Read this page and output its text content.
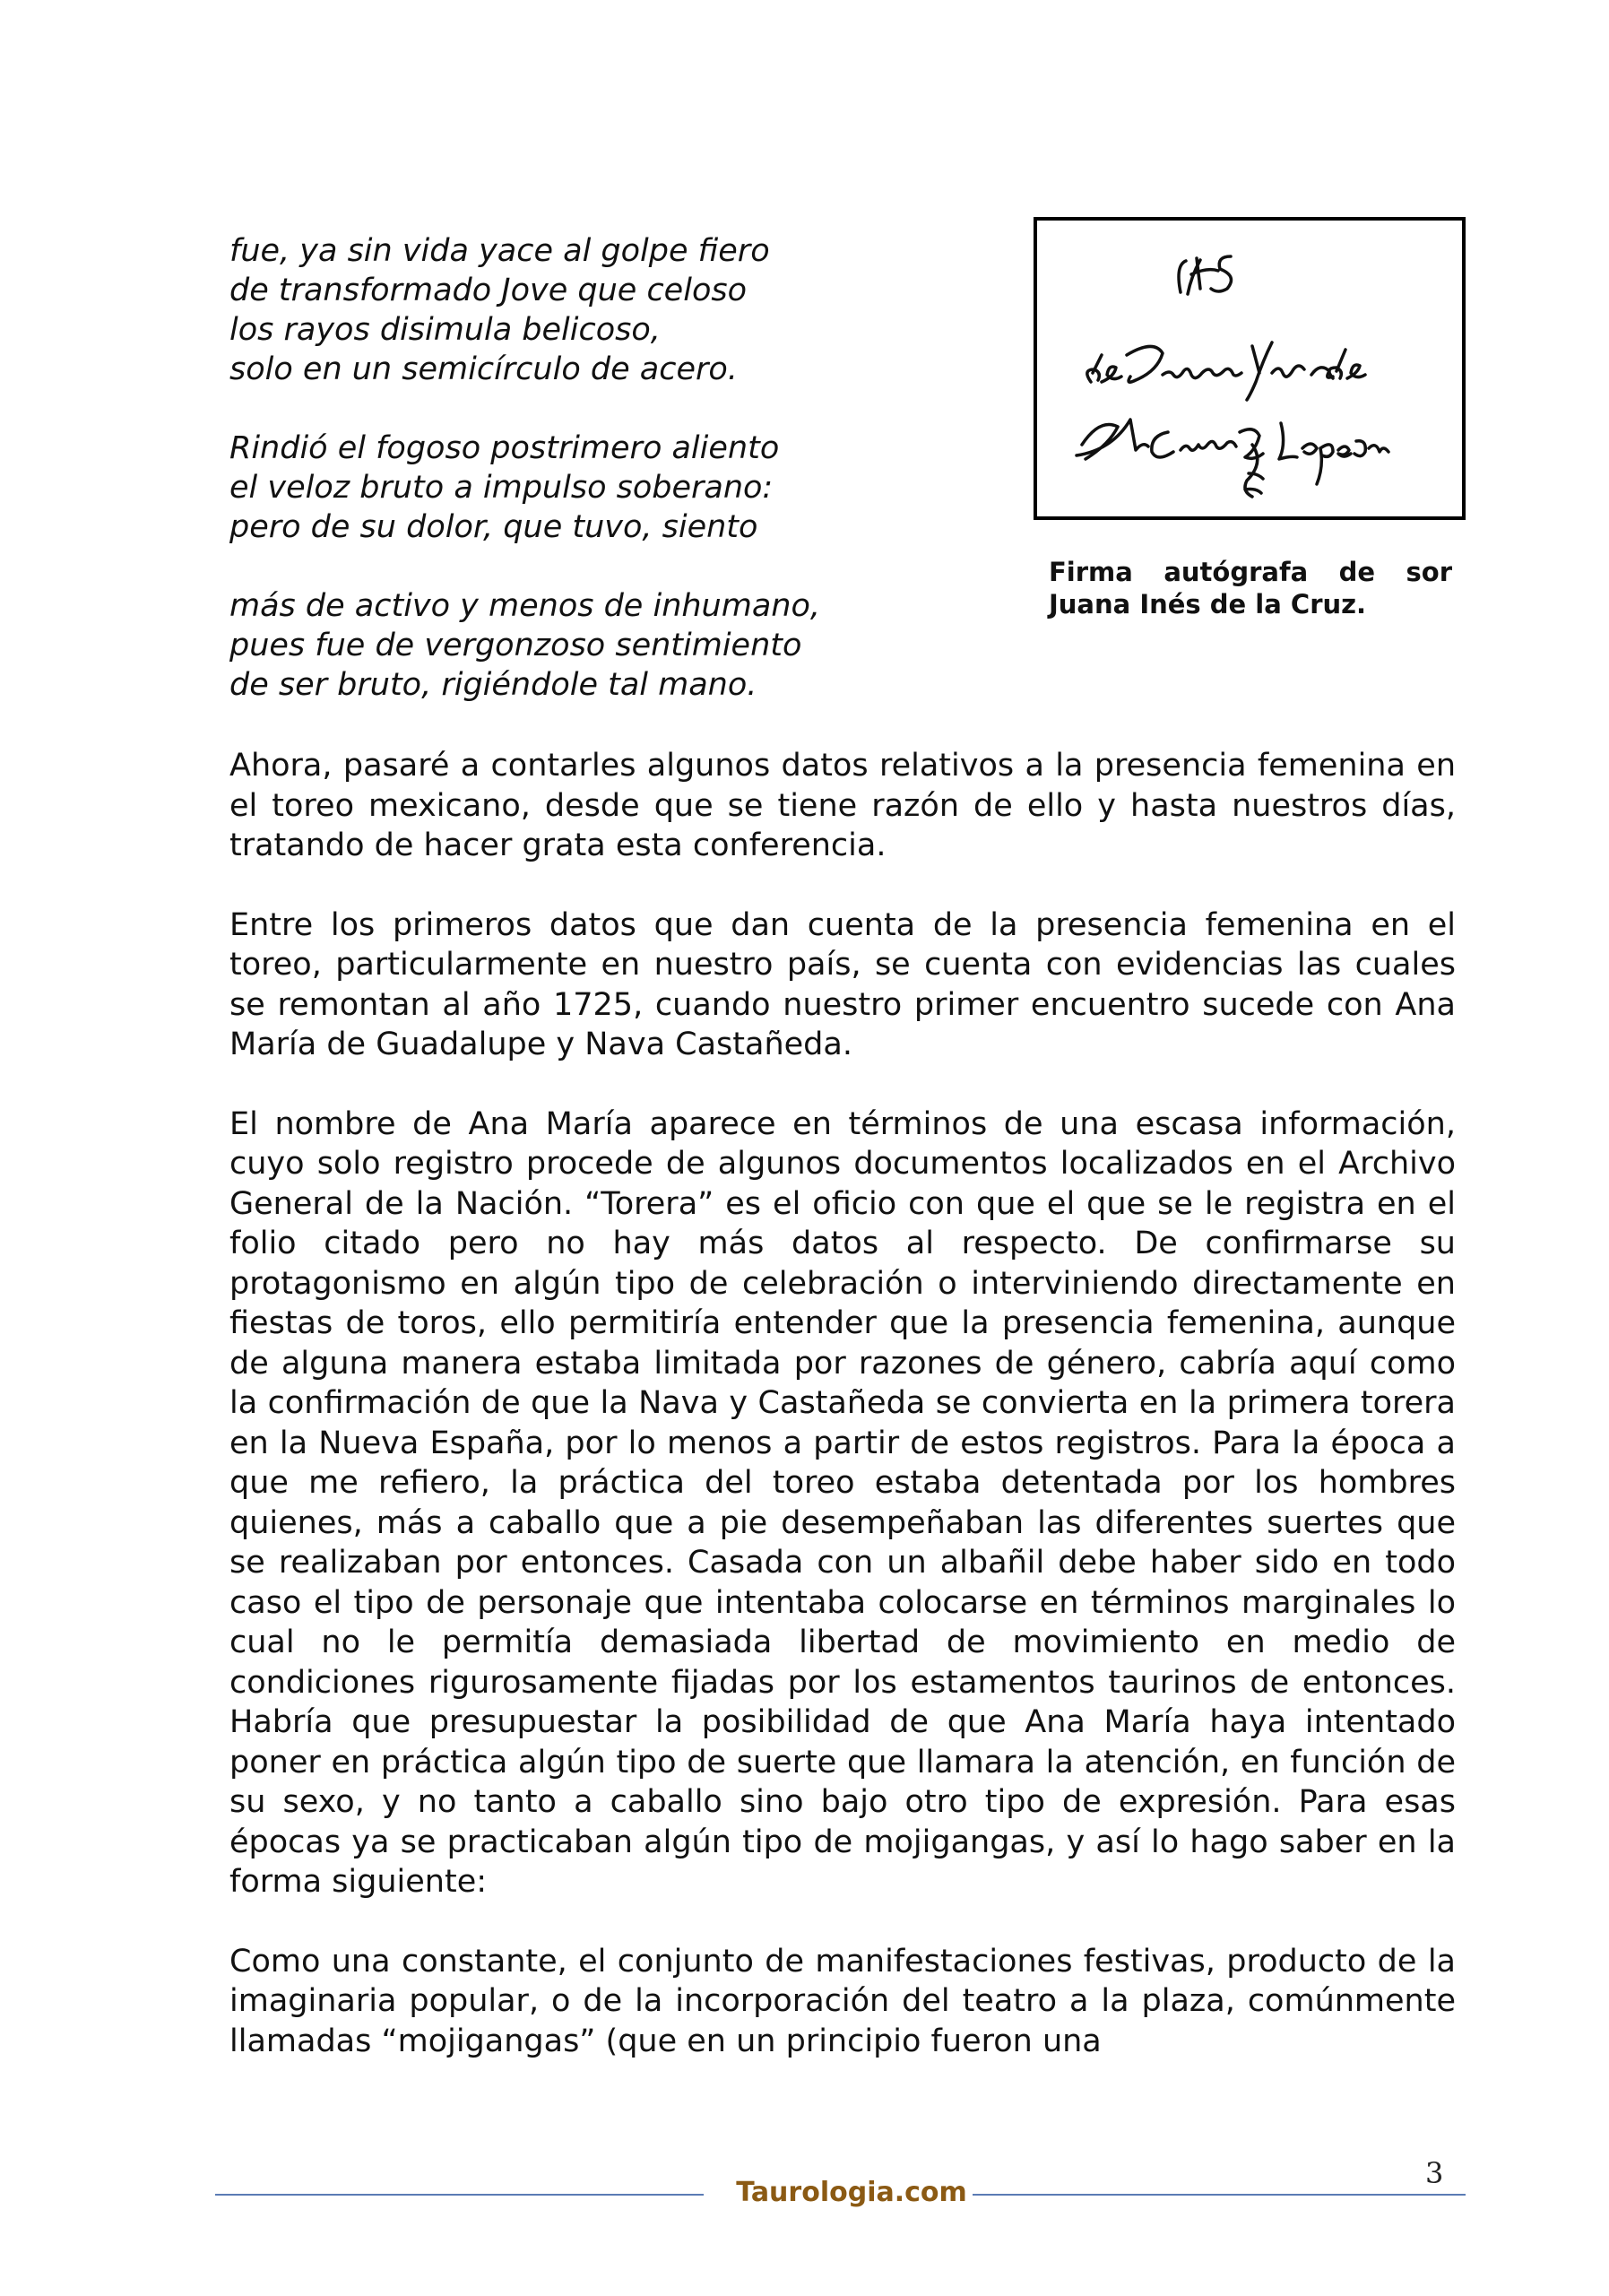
fue, ya sin vida yace al golpe fiero
de transformado Jove que celoso
los rayos disimula belicoso,
solo en un semicírculo de acero.
Rindió el fogoso postrimero aliento
el veloz bruto a impulso soberano:
pero de su dolor, que tuvo, siento
más de activo y menos de inhumano,
pues fue de vergonzoso sentimiento
de ser bruto, rigiéndole tal mano.
Firma autógrafa de sor
Juana Inés de la Cruz.

Ahora, pasaré a contarles algunos datos relativos a la presencia femenina en el toreo mexicano, desde que se tiene razón de ello y hasta nuestros días, tratando de hacer grata esta conferencia.

Entre los primeros datos que dan cuenta de la presencia femenina en el toreo, particularmente en nuestro país, se cuenta con evidencias las cuales se remontan al año 1725, cuando nuestro primer encuentro sucede con Ana María de Guadalupe y Nava Castañeda.

El nombre de Ana María aparece en términos de una escasa información, cuyo solo registro procede de algunos documentos localizados en el Archivo General de la Nación. “Torera” es el oficio con que el que se le registra en el folio citado pero no hay más datos al respecto. De confirmarse su protagonismo en algún tipo de celebración o interviniendo directamente en fiestas de toros, ello permitiría entender que la presencia femenina, aunque de alguna manera estaba limitada por razones de género, cabría aquí como la confirmación de que la Nava y Castañeda se convierta en la primera torera en la Nueva España, por lo menos a partir de estos registros. Para la época a que me refiero, la práctica del toreo estaba detentada por los hombres quienes, más a caballo que a pie desempeñaban las diferentes suertes que se realizaban por entonces. Casada con un albañil debe haber sido en todo caso el tipo de personaje que intentaba colocarse en términos marginales lo cual no le permitía demasiada libertad de movimiento en medio de condiciones rigurosamente fijadas por los estamentos taurinos de entonces. Habría que presupuestar la posibilidad de que Ana María haya intentado poner en práctica algún tipo de suerte que llamara la atención, en función de su sexo, y no tanto a caballo sino bajo otro tipo de expresión. Para esas épocas ya se practicaban algún tipo de mojigangas, y así lo hago saber en la forma siguiente:

Como una constante, el conjunto de manifestaciones festivas, producto de la imaginaria popular, o de la incorporación del teatro a la plaza, comúnmente llamadas “mojigangas” (que en un principio fueron una

3
Taurologia.com
